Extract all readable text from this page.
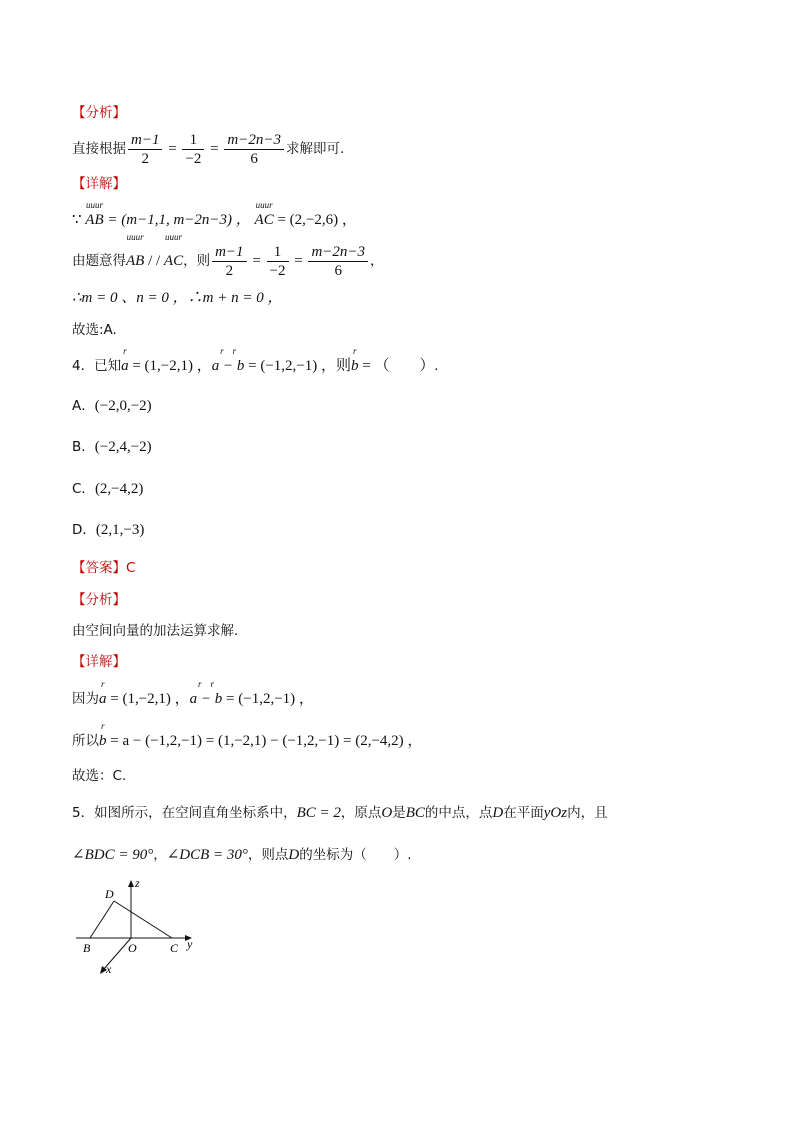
【分析】
直接根据 $\frac{m-1}{2} = \frac{1}{-2} = \frac{m-2n-3}{6}$ 求解即可.
【详解】
∵
uuur
AB = (m−1,1, m−2n−3) ，
uuur
AC = (2,−2,6) ，
由题意得
uuur
AB / /
uuur
AC，则 $\frac{m-1}{2} = \frac{1}{-2} = \frac{m-2n-3}{6}$ ，
∴m = 0 、n = 0 ，∴m + n = 0 ，
故选:A.
4．已知
r
a = (1,−2,1) ，
r    r
a − b = (−1,2,−1) ，则
r
b = （　　）.
A．(−2,0,−2)
B．(−2,4,−2)
C．(2,−4,2)
D．(2,1,−3)
【答案】C
【分析】
由空间向量的加法运算求解.
【详解】
因为
r
a = (1,−2,1) ，
r    r
a − b = (−1,2,−1) ，
所以
r
b = a − (−1,2,−1) = (1,−2,1) − (−1,2,−1) = (2,−4,2) ，
故选：C.
5．如图所示，在空间直角坐标系中，BC = 2，原点O是BC的中点，点D在平面yOz内，且
∠BDC = 90°，∠DCB = 30°，则点D的坐标为（　　）.
D
z
B	O	C y
x
